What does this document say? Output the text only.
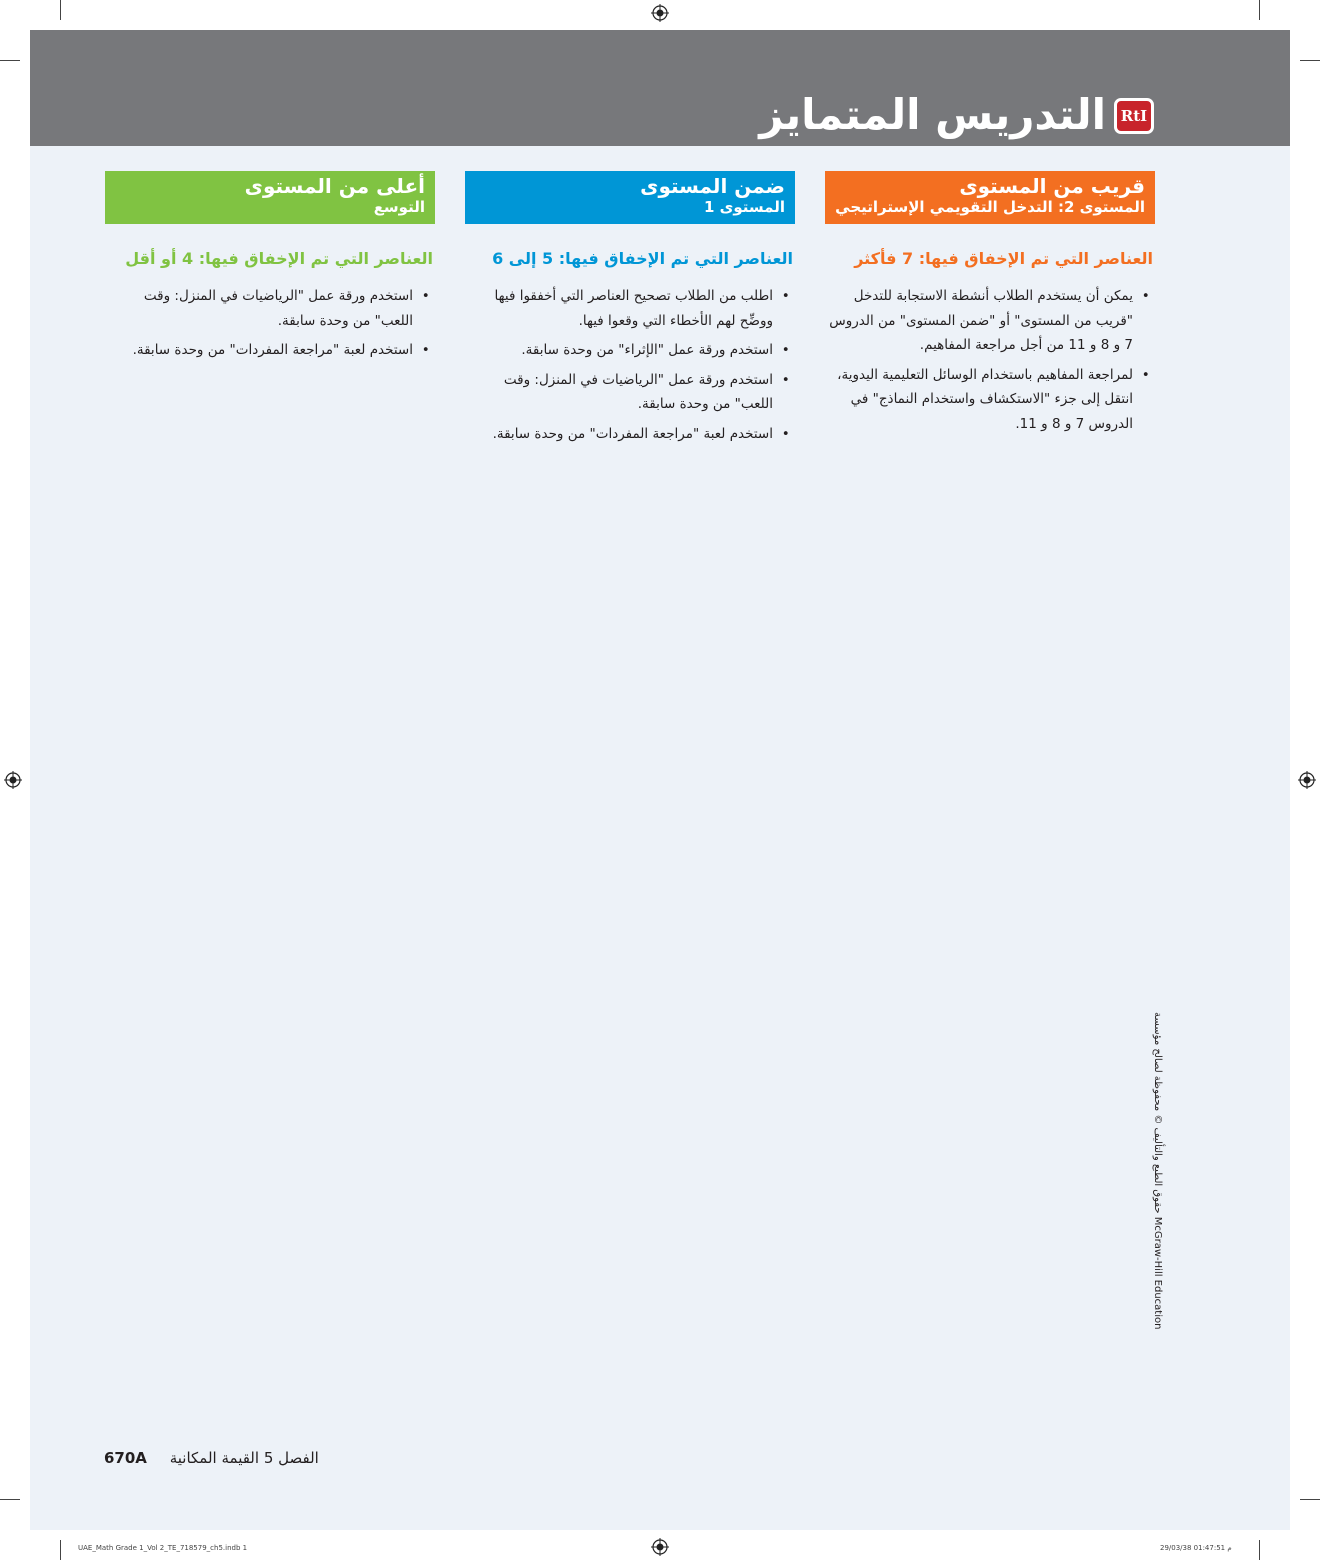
RtI
التدريس المتمايز
قريب من المستوى
المستوى 2: التدخل التقويمي الإستراتيجي
العناصر التي تم الإخفاق فيها: 7 فأكثر
•
يمكن أن يستخدم الطلاب أنشطة الاستجابة للتدخل "قريب من المستوى" أو "ضمن المستوى" من الدروس 7 و 8 و 11 من أجل مراجعة المفاهيم.
•
لمراجعة المفاهيم باستخدام الوسائل التعليمية اليدوية، انتقل إلى جزء "الاستكشاف واستخدام النماذج" في الدروس 7 و 8 و 11.
ضمن المستوى
المستوى 1
العناصر التي تم الإخفاق فيها: 5 إلى 6
•
اطلب من الطلاب تصحيح العناصر التي أخفقوا فيها ووضِّح لهم الأخطاء التي وقعوا فيها.
•
استخدم ورقة عمل "الإثراء" من وحدة سابقة.
•
استخدم ورقة عمل "الرياضيات في المنزل: وقت اللعب" من وحدة سابقة.
•
استخدم لعبة "مراجعة المفردات" من وحدة سابقة.
أعلى من المستوى
التوسع
العناصر التي تم الإخفاق فيها: 4 أو أقل
•
استخدم ورقة عمل "الرياضيات في المنزل: وقت اللعب" من وحدة سابقة.
•
استخدم لعبة "مراجعة المفردات" من وحدة سابقة.
حقوق الطبع والتأليف © محفوظة لصالح مؤسسة McGraw-Hill Education
670A الفصل 5 القيمة المكانية
UAE_Math Grade 1_Vol 2_TE_718579_ch5.indb 1	29/03/38 01:47:51 م
